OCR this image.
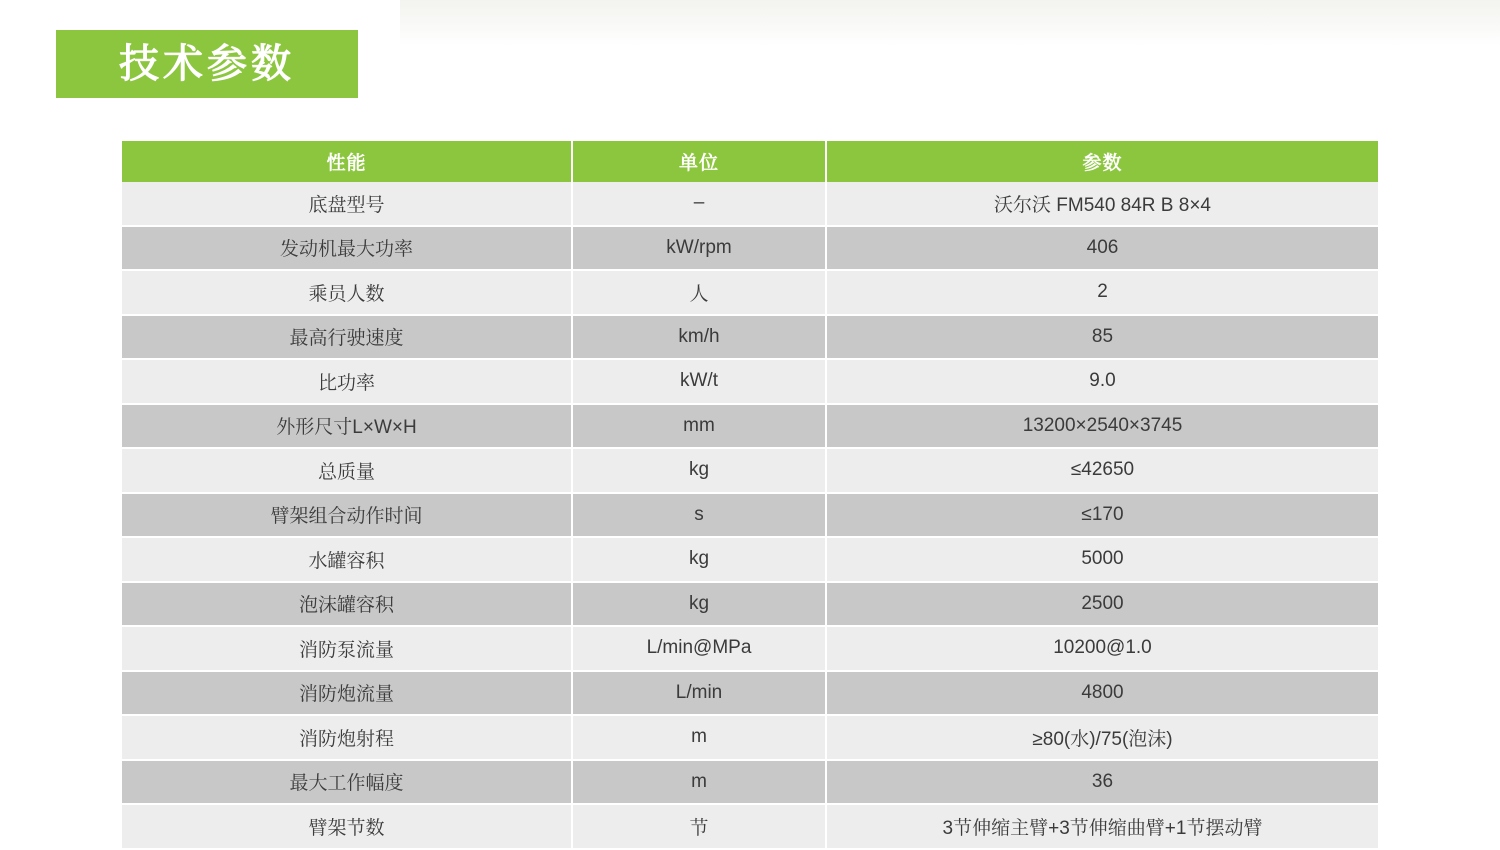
技术参数
性能	单位	参数
底盘型号	–	沃尔沃 FM540 84R B 8×4
发动机最大功率	kW/rpm	406
乘员人数	人	2
最高行驶速度	km/h	85
比功率	kW/t	9.0
外形尺寸L×W×H	mm	13200×2540×3745
总质量	kg	≤42650
臂架组合动作时间	s	≤170
水罐容积	kg	5000
泡沫罐容积	kg	2500
消防泵流量	L/min@MPa	10200@1.0
消防炮流量	L/min	4800
消防炮射程	m	≥80(水)/75(泡沫)
最大工作幅度	m	36
臂架节数	节	3节伸缩主臂+3节伸缩曲臂+1节摆动臂
